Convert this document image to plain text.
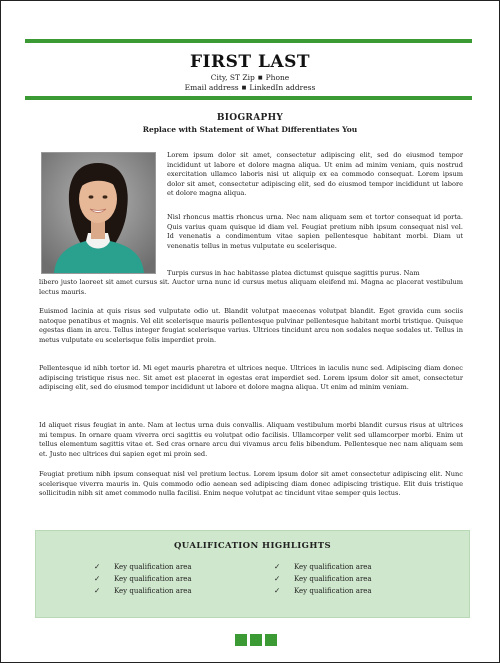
FIRST LAST
City, ST Zip ■ Phone
Email address ■ LinkedIn address
BIOGRAPHY
Replace with Statement of What Differentiates You

Lorem ipsum dolor sit amet, consectetur adipiscing elit, sed do eiusmod tempor incididunt ut labore et dolore magna aliqua. Ut enim ad minim veniam, quis nostrud exercitation ullamco laboris nisi ut aliquip ex ea commodo consequat. Lorem ipsum dolor sit amet, consectetur adipiscing elit, sed do eiusmod tempor incididunt ut labore et dolore magna aliqua.

Nisl rhoncus mattis rhoncus urna. Nec nam aliquam sem et tortor consequat id porta. Quis varius quam quisque id diam vel. Feugiat pretium nibh ipsum consequat nisl vel. Id venenatis a condimentum vitae sapien pellentesque habitant morbi. Diam ut venenatis tellus in metus vulputate eu scelerisque.

Turpis cursus in hac habitasse platea dictumst quisque sagittis purus. Nam

libero justo laoreet sit amet cursus sit. Auctor urna nunc id cursus metus aliquam eleifend mi. Magna ac placerat vestibulum lectus mauris.

Euismod lacinia at quis risus sed vulputate odio ut. Blandit volutpat maecenas volutpat blandit. Eget gravida cum sociis natoque penatibus et magnis. Vel elit scelerisque mauris pellentesque pulvinar pellentesque habitant morbi tristique. Quisque egestas diam in arcu. Tellus integer feugiat scelerisque varius. Ultrices tincidunt arcu non sodales neque sodales ut. Tellus in metus vulputate eu scelerisque felis imperdiet proin.

Pellentesque id nibh tortor id. Mi eget mauris pharetra et ultrices neque. Ultrices in iaculis nunc sed. Adipiscing diam donec adipiscing tristique risus nec. Sit amet est placerat in egestas erat imperdiet sed. Lorem ipsum dolor sit amet, consectetur adipiscing elit, sed do eiusmod tempor incididunt ut labore et dolore magna aliqua. Ut enim ad minim veniam.

Id aliquet risus feugiat in ante. Nam at lectus urna duis convallis. Aliquam vestibulum morbi blandit cursus risus at ultrices mi tempus. In ornare quam viverra orci sagittis eu volutpat odio facilisis. Ullamcorper velit sed ullamcorper morbi. Enim ut tellus elementum sagittis vitae et. Sed cras ornare arcu dui vivamus arcu felis bibendum. Pellentesque nec nam aliquam sem et. Justo nec ultrices dui sapien eget mi proin sed.

Feugiat pretium nibh ipsum consequat nisl vel pretium lectus. Lorem ipsum dolor sit amet consectetur adipiscing elit. Nunc scelerisque viverra mauris in. Quis commodo odio aenean sed adipiscing diam donec adipiscing tristique. Elit duis tristique sollicitudin nibh sit amet commodo nulla facilisi. Enim neque volutpat ac tincidunt vitae semper quis lectus.

QUALIFICATION HIGHLIGHTS
✓ Key qualification area
✓ Key qualification area
✓ Key qualification area
✓ Key qualification area
✓ Key qualification area
✓ Key qualification area
